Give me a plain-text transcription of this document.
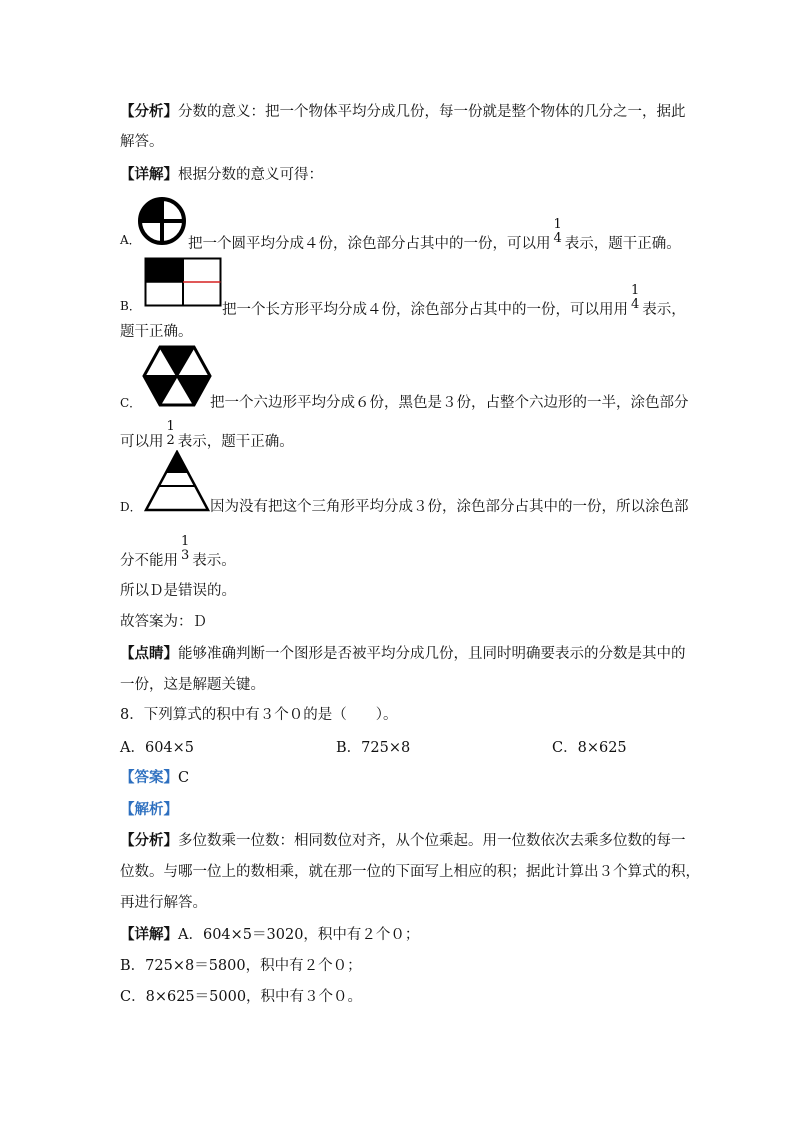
【分析】分数的意义：把一个物体平均分成几份，每一份就是整个物体的几分之一，据此
解答。
【详解】根据分数的意义可得：
A．	把一个圆平均分成４份，涂色部分占其中的一份，可以用
1
4 表示，题干正确。
B．	把一个长方形平均分成４份，涂色部分占其中的一份，可以用用
1
4 表示，
题干正确。
C．	把一个六边形平均分成６份，黑色是３份，占整个六边形的一半，涂色部分
可以用
1
2 表示，题干正确。
D．	因为没有把这个三角形平均分成３份，涂色部分占其中的一份，所以涂色部
分不能用
1
3 表示。
所以Ｄ是错误的。
故答案为：Ｄ
【点睛】能够准确判断一个图形是否被平均分成几份，且同时明确要表示的分数是其中的
一份，这是解题关键。
8．下列算式的积中有３个０的是（　　）。
A．604×5	B．725×8	C．8×625
【答案】C
【解析】
【分析】多位数乘一位数：相同数位对齐，从个位乘起。用一位数依次去乘多位数的每一
位数。与哪一位上的数相乘，就在那一位的下面写上相应的积；据此计算出３个算式的积，
再进行解答。
【详解】A．604×5＝3020，积中有２个０；
B．725×8＝5800，积中有２个０；
C．8×625＝5000，积中有３个０。
